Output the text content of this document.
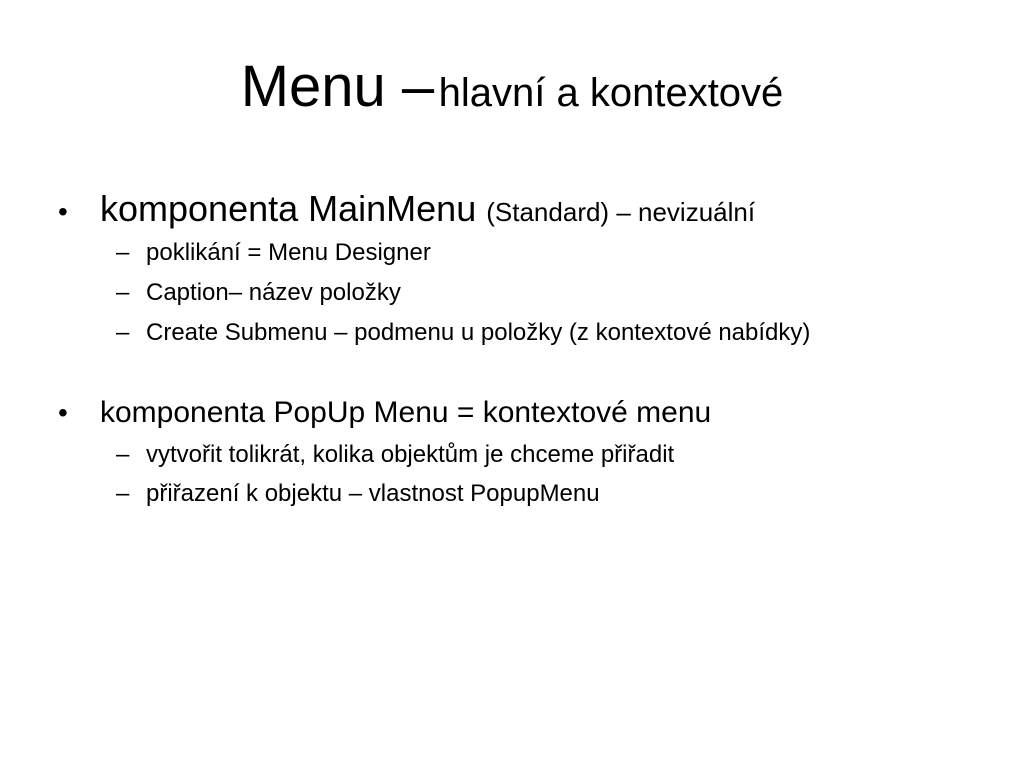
Menu – hlavní a kontextové
• komponenta MainMenu (Standard) – nevizuální
– poklikání = Menu Designer
– Caption– název položky
– Create Submenu – podmenu u položky (z kontextové nabídky)
•	komponenta PopUp Menu = kontextové menu
– vytvořit tolikrát, kolika objektům je chceme přiřadit
– přiřazení k objektu – vlastnost PopupMenu
